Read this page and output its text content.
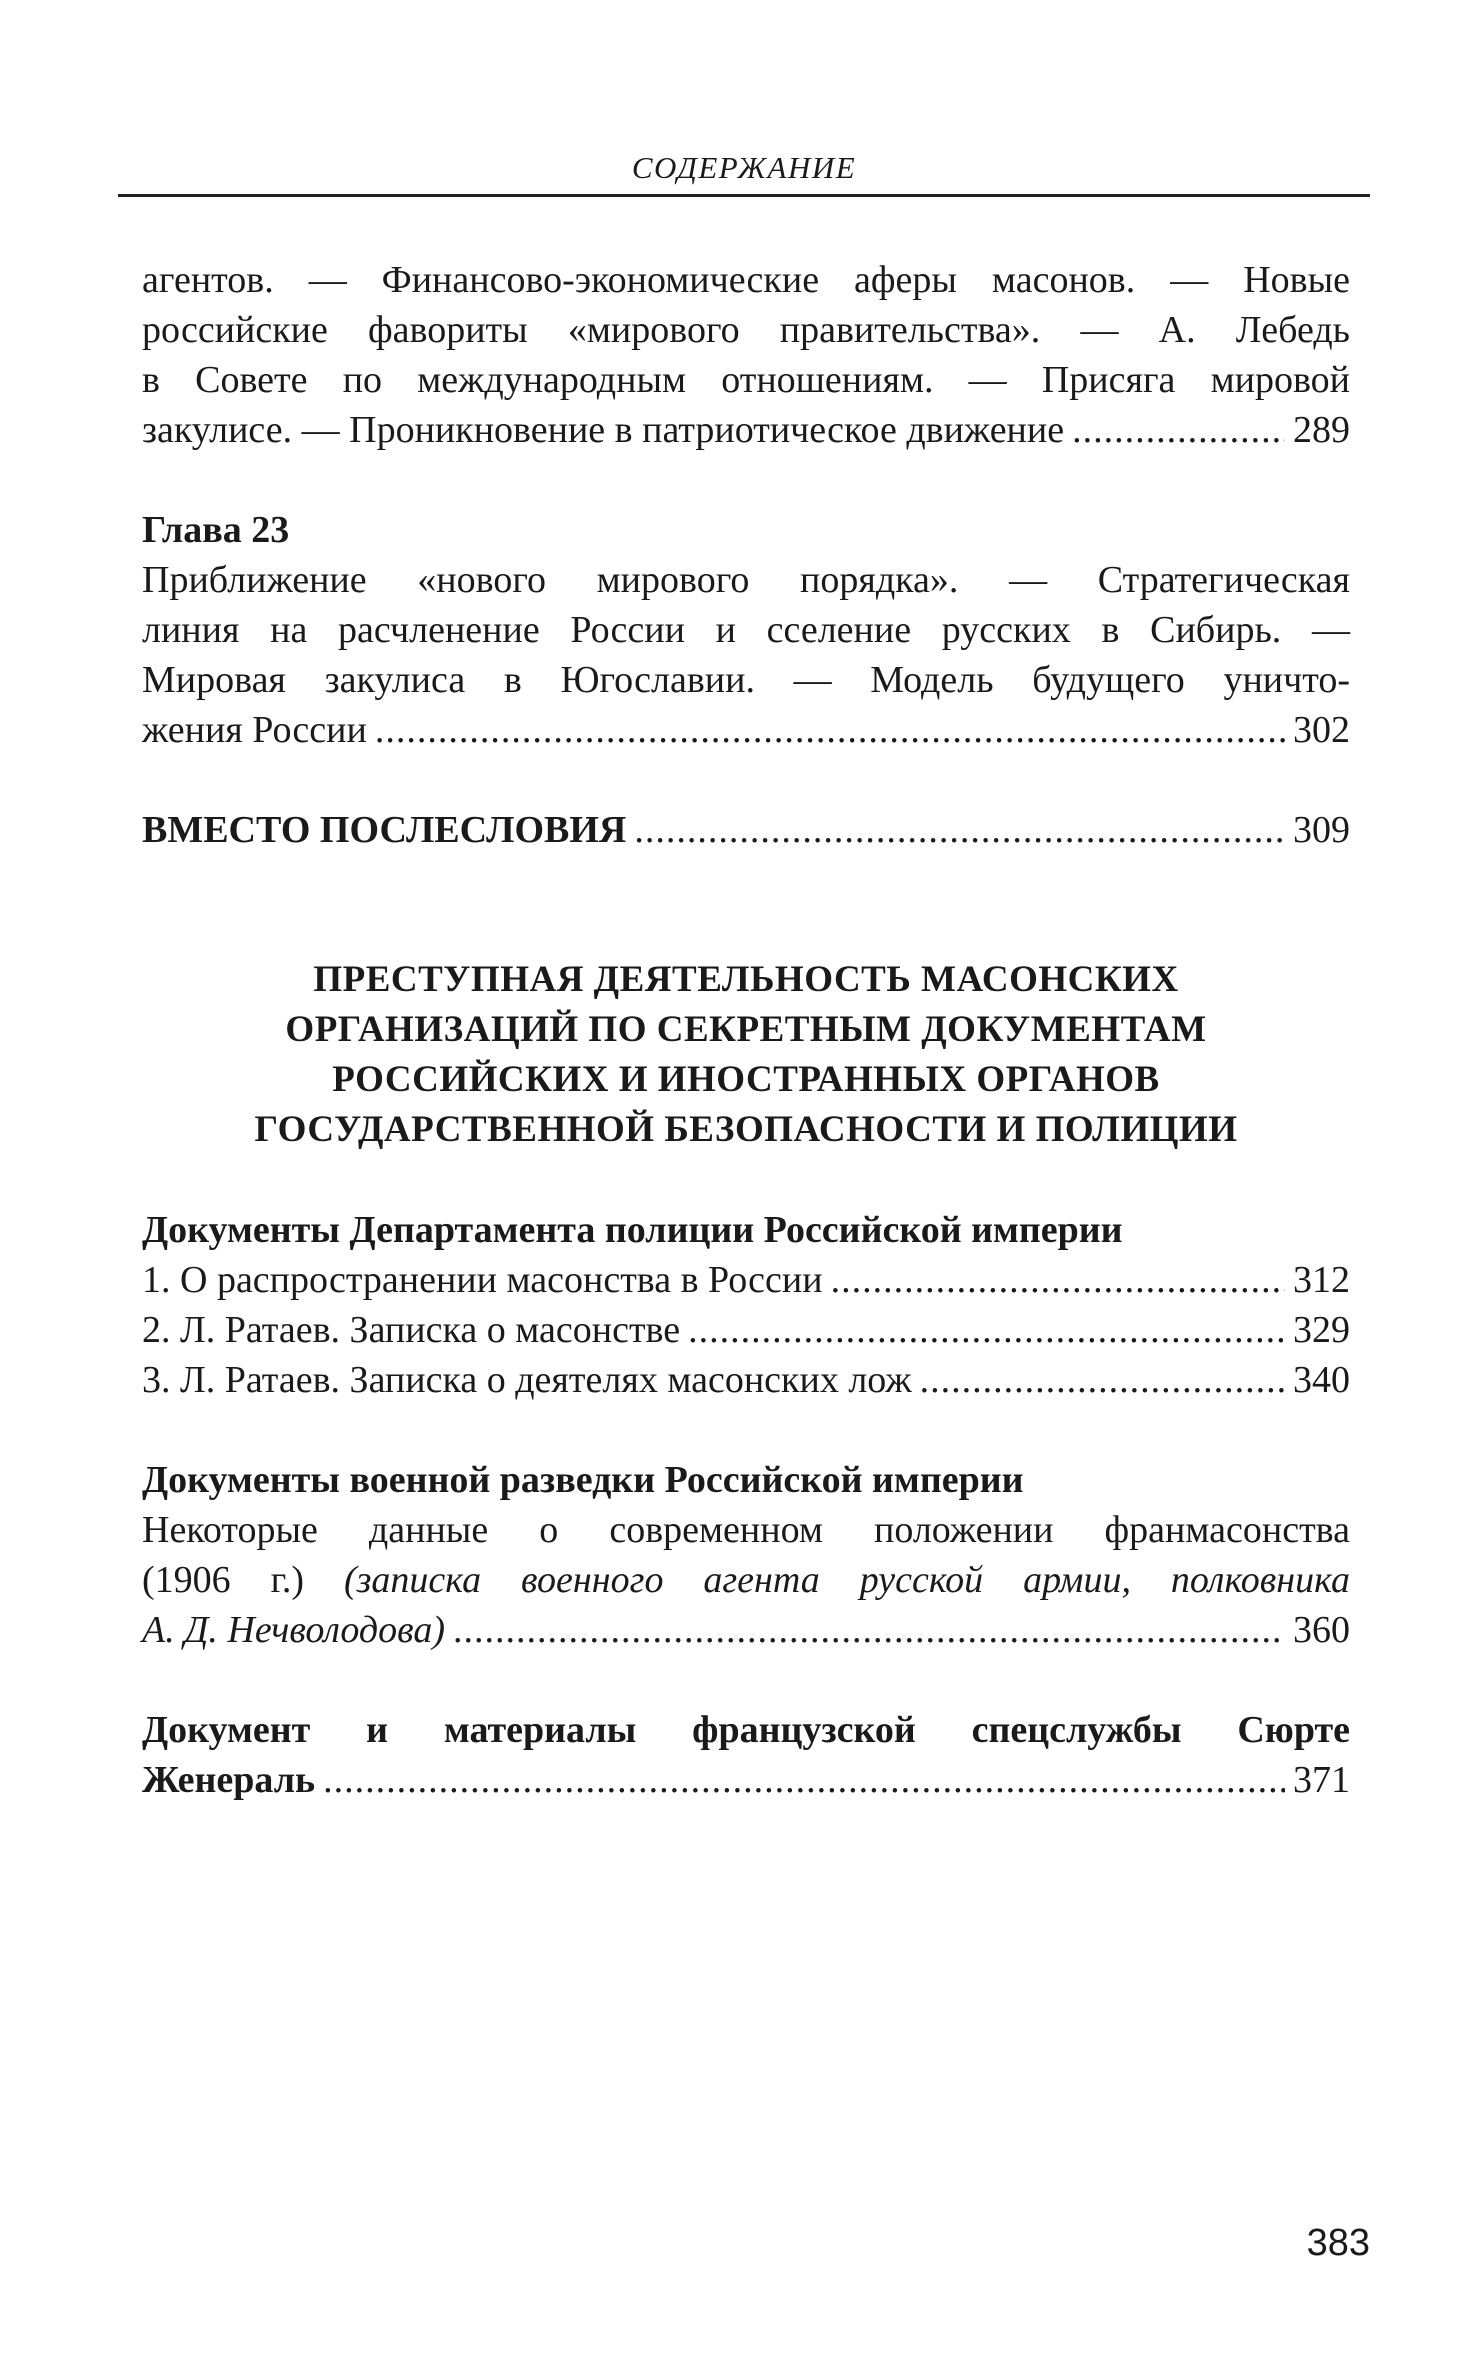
СОДЕРЖАНИЕ
агентов. — Финансово-экономические аферы масонов. — Новые
российские фавориты «мирового правительства». — А. Лебедь
в Совете по международным отношениям. — Присяга мировой
закулисе. — Проникновение в патриотическое движение .....	289
Глава 23
Приближение «нового мирового порядка». — Стратегическая
линия на расчленение России и сселение русских в Сибирь. —
Мировая закулиса в Югославии. — Модель будущего уничто-
жения России .....	302
ВМЕСТО ПОСЛЕСЛОВИЯ .....	309
ПРЕСТУПНАЯ ДЕЯТЕЛЬНОСТЬ МАСОНСКИХ
ОРГАНИЗАЦИЙ ПО СЕКРЕТНЫМ ДОКУМЕНТАМ
РОССИЙСКИХ И ИНОСТРАННЫХ ОРГАНОВ
ГОСУДАРСТВЕННОЙ БЕЗОПАСНОСТИ И ПОЛИЦИИ
Документы Департамента полиции Российской империи
1. О распространении масонства в России .....	312
2. Л. Ратаев. Записка о масонстве .....	329
3. Л. Ратаев. Записка о деятелях масонских лож .....	340
Документы военной разведки Российской империи
Некоторые данные о современном положении франмасонства
(1906 г.) (записка военного агента русской армии, полковника
А. Д. Нечволодова) .....	360
Документ и материалы французской спецслужбы Сюрте
Женераль .....	371
383
